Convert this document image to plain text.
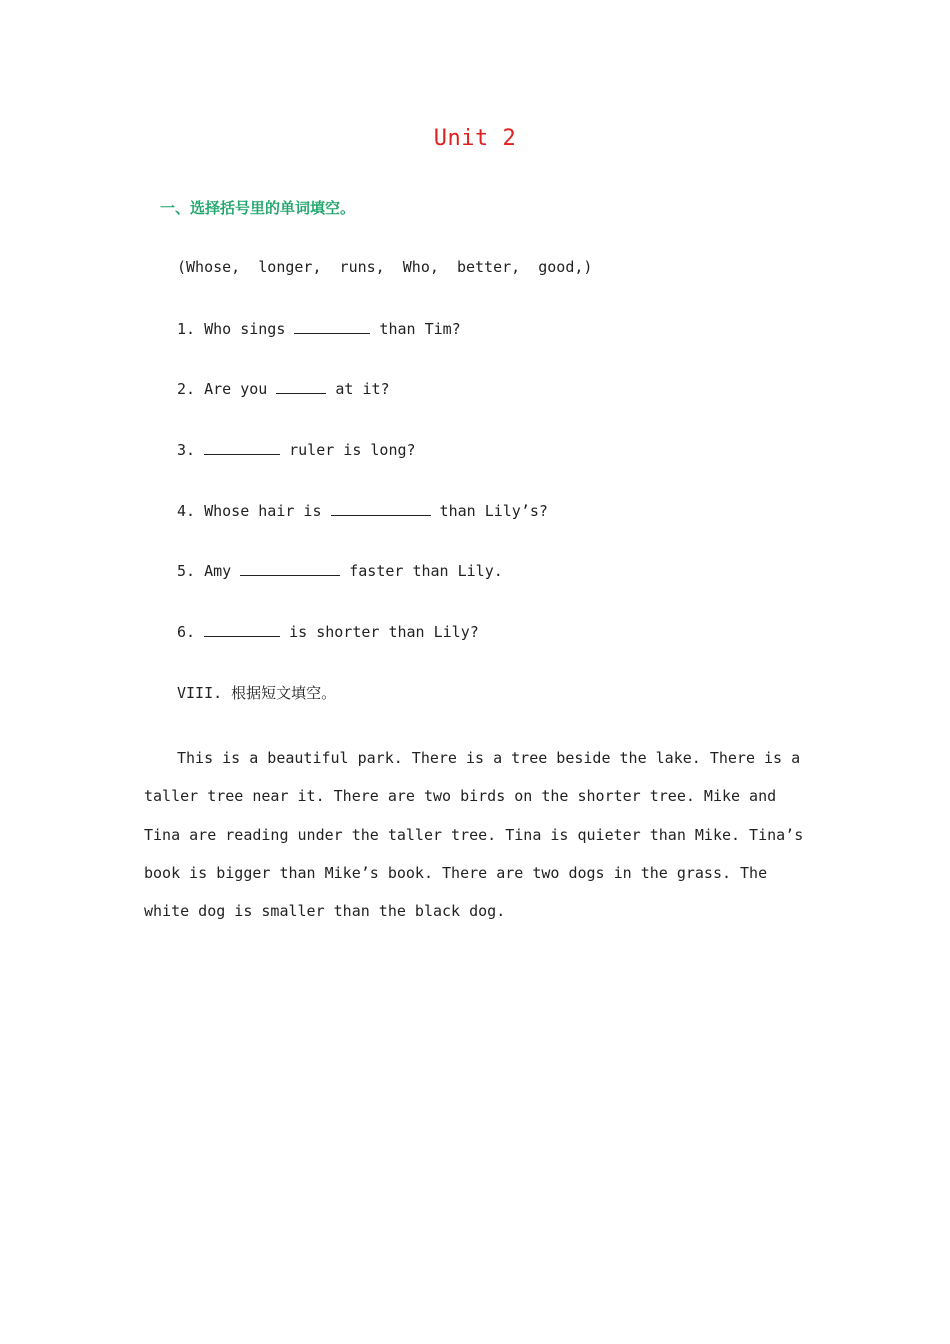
Unit 2
一、选择括号里的单词填空。
(Whose,  longer,  runs,  Who,  better,  good,)
1. Who sings	than Tim?
2. Are you	at it?
3.	ruler is long?
4. Whose hair is	than Lily’s?
5. Amy	faster than Lily.
6.	is shorter than Lily?
VIII. 根据短文填空。
This is a beautiful park. There is a tree beside the lake. There is a taller tree near it. There are two birds on the shorter tree. Mike and Tina are reading under the taller tree. Tina is quieter than Mike. Tina’s book is bigger than Mike’s book. There are two dogs in the grass. The white dog is smaller than the black dog.
